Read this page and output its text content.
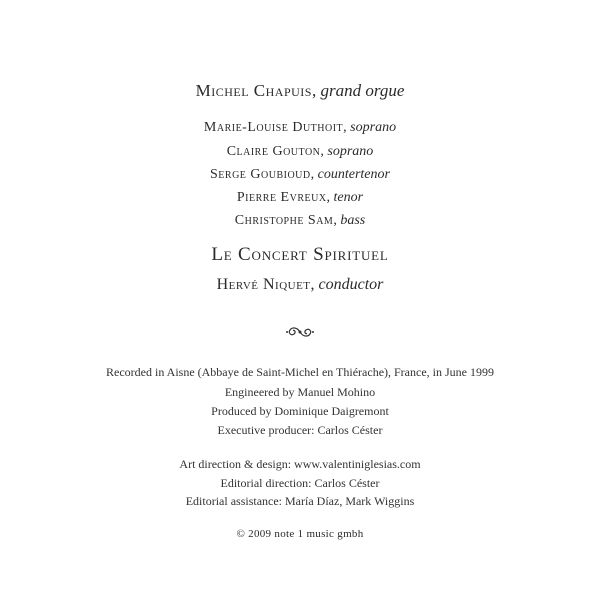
Michel Chapuis, grand orgue
Marie-Louise Duthoit, soprano
Claire Gouton, soprano
Serge Goubioud, countertenor
Pierre Evreux, tenor
Christophe Sam, bass
Le Concert Spirituel
Hervé Niquet, conductor
Recorded in Aisne (Abbaye de Saint-Michel en Thiérache), France, in June 1999
Engineered by Manuel Mohino
Produced by Dominique Daigremont
Executive producer: Carlos Céster
Art direction & design: www.valentiniglesias.com
Editorial direction: Carlos Céster
Editorial assistance: María Díaz, Mark Wiggins
© 2009 note 1 music gmbh
